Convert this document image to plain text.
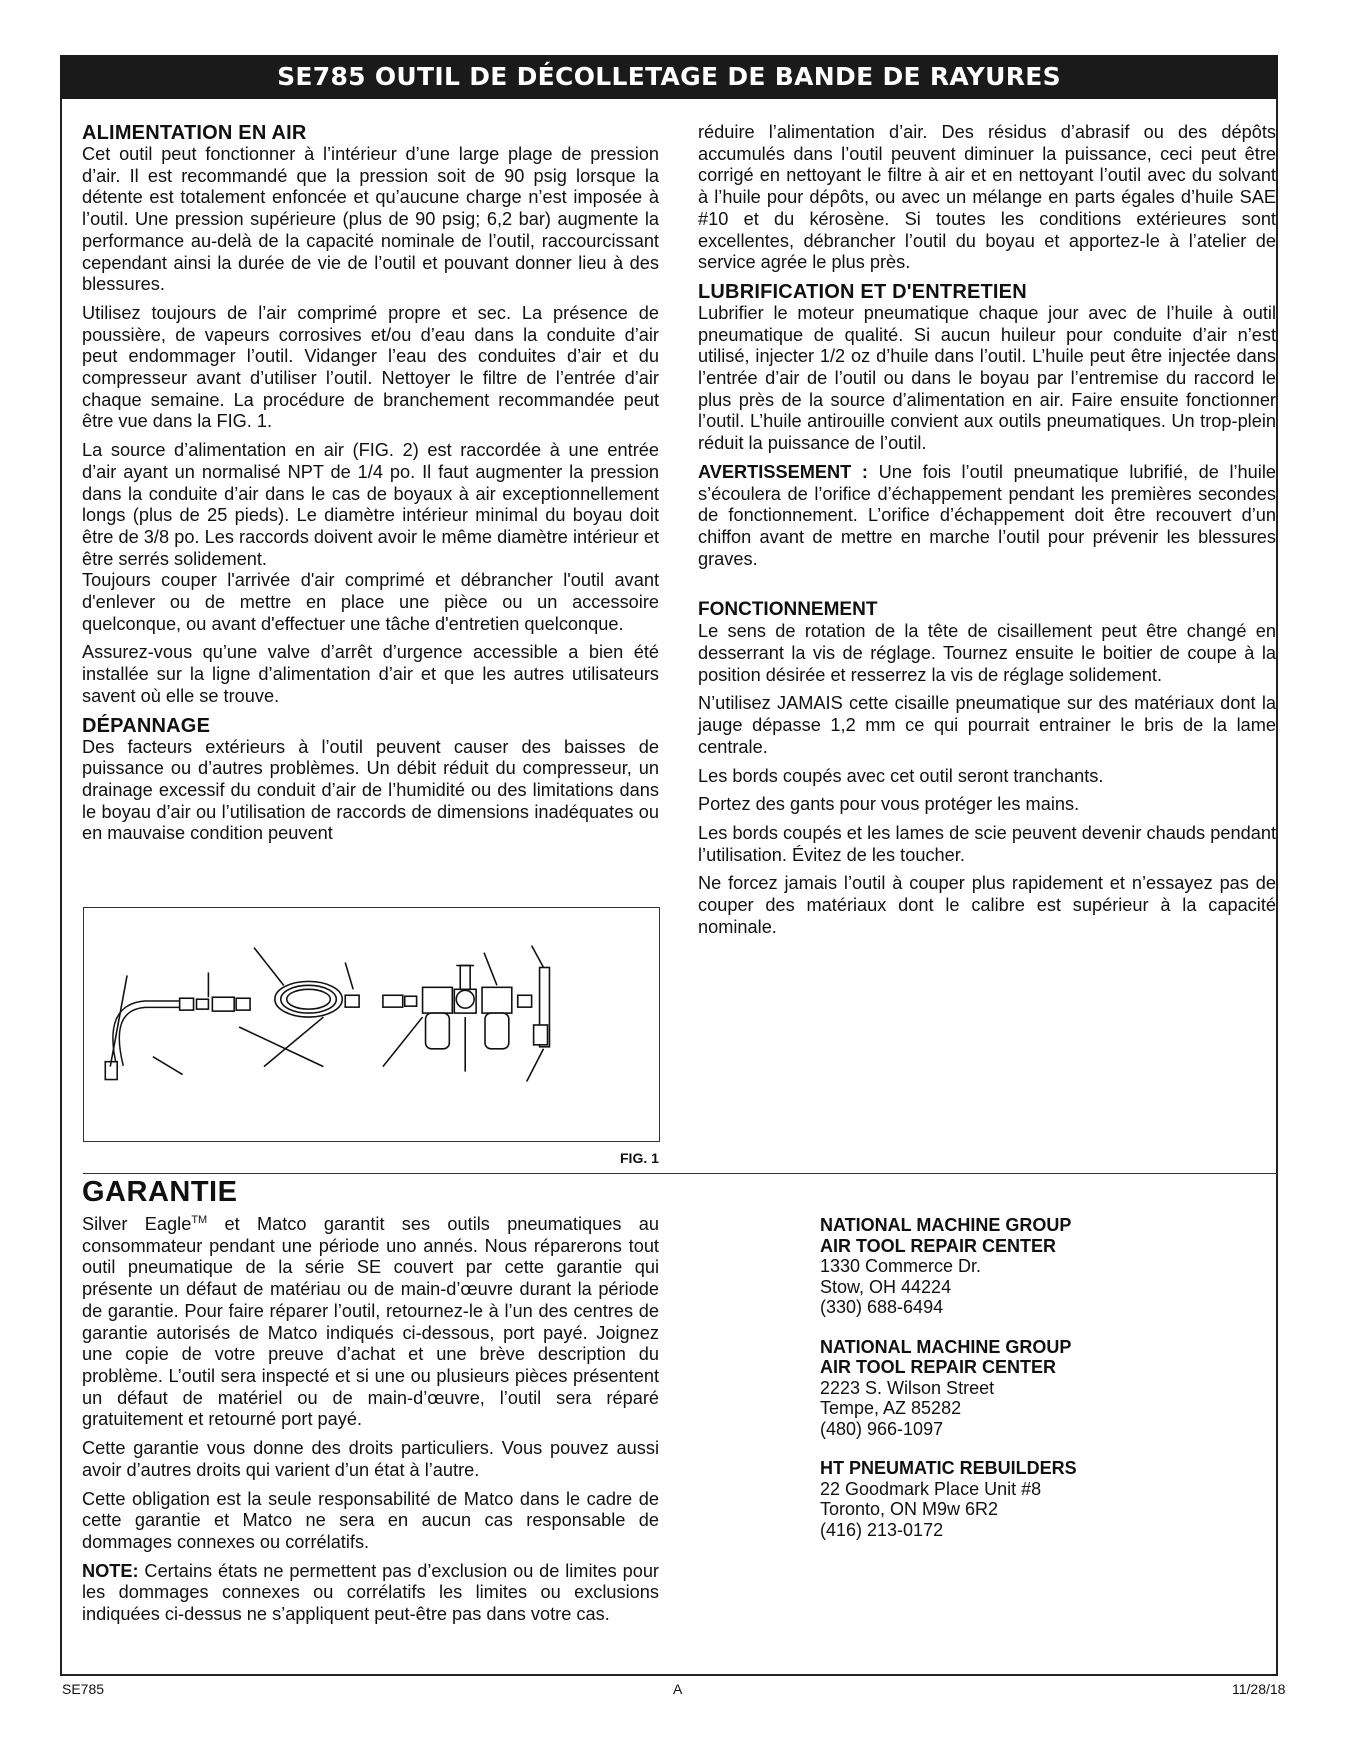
SE785 OUTIL DE DÉCOLLETAGE DE BANDE DE RAYURES
ALIMENTATION EN AIR

Cet outil peut fonctionner à l’intérieur d’une large plage de pression d’air. Il est recommandé que la pression soit de 90 psig lorsque la détente est totalement enfoncée et qu’aucune charge n’est imposée à l’outil. Une pression supérieure (plus de 90 psig; 6,2 bar) augmente la performance au-delà de la capacité nominale de l’outil, raccourcissant cependant ainsi la durée de vie de l’outil et pouvant donner lieu à des blessures.

Utilisez toujours de l’air comprimé propre et sec. La présence de poussière, de vapeurs corrosives et/ou d’eau dans la conduite d’air peut endommager l’outil. Vidanger l’eau des conduites d’air et du compresseur avant d’utiliser l’outil. Nettoyer le filtre de l’entrée d’air chaque semaine. La procédure de branchement recommandée peut être vue dans la FIG. 1.

La source d’alimentation en air (FIG. 2) est raccordée à une entrée d’air ayant un normalisé NPT de 1/4 po. Il faut augmenter la pression dans la conduite d’air dans le cas de boyaux à air exceptionnellement longs (plus de 25 pieds). Le diamètre intérieur minimal du boyau doit être de 3/8 po. Les raccords doivent avoir le même diamètre intérieur et être serrés solidement.

Toujours couper l'arrivée d'air comprimé et débrancher l'outil avant d'enlever ou de mettre en place une pièce ou un accessoire quelconque, ou avant d'effectuer une tâche d'entretien quelconque.

Assurez-vous qu’une valve d’arrêt d’urgence accessible a bien été installée sur la ligne d’alimentation d’air et que les autres utilisateurs savent où elle se trouve.

DÉPANNAGE

Des facteurs extérieurs à l’outil peuvent causer des baisses de puissance ou d’autres problèmes. Un débit réduit du compresseur, un drainage excessif du conduit d’air de l’humidité ou des limitations dans le boyau d’air ou l’utilisation de raccords de dimensions inadéquates ou en mauvaise condition peuvent

FIG. 1

réduire l’alimentation d’air. Des résidus d’abrasif ou des dépôts accumulés dans l’outil peuvent diminuer la puissance, ceci peut être corrigé en nettoyant le filtre à air et en nettoyant l’outil avec du solvant à l’huile pour dépôts, ou avec un mélange en parts égales d’huile SAE #10 et du kérosène. Si toutes les conditions extérieures sont excellentes, débrancher l’outil du boyau et apportez-le à l’atelier de service agrée le plus près.

LUBRIFICATION ET D'ENTRETIEN

Lubrifier le moteur pneumatique chaque jour avec de l’huile à outil pneumatique de qualité. Si aucun huileur pour conduite d’air n’est utilisé, injecter 1/2 oz d’huile dans l’outil. L’huile peut être injectée dans l’entrée d’air de l’outil ou dans le boyau par l’entremise du raccord le plus près de la source d’alimentation en air. Faire ensuite fonctionner l’outil. L’huile antirouille convient aux outils pneumatiques. Un trop-plein réduit la puissance de l’outil.

AVERTISSEMENT : Une fois l’outil pneumatique lubrifié, de l’huile s’écoulera de l’orifice d’échappement pendant les premières secondes de fonctionnement. L’orifice d’échappement doit être recouvert d’un chiffon avant de mettre en marche l’outil pour prévenir les blessures graves.

FONCTIONNEMENT

Le sens de rotation de la tête de cisaillement peut être changé en desserrant la vis de réglage. Tournez ensuite le boitier de coupe à la position désirée et resserrez la vis de réglage solidement.

N’utilisez JAMAIS cette cisaille pneumatique sur des matériaux dont la jauge dépasse 1,2 mm ce qui pourrait entrainer le bris de la lame centrale.

Les bords coupés avec cet outil seront tranchants.

Portez des gants pour vous protéger les mains.

Les bords coupés et les lames de scie peuvent devenir chauds pendant l’utilisation. Évitez de les toucher.

Ne forcez jamais l’outil à couper plus rapidement et n’essayez pas de couper des matériaux dont le calibre est supérieur à la capacité nominale.

GARANTIE

Silver Eagle™ et Matco garantit ses outils pneumatiques au consommateur pendant une période uno annés. Nous réparerons tout outil pneumatique de la série SE couvert par cette garantie qui présente un défaut de matériau ou de main-d’œuvre durant la période de garantie. Pour faire réparer l’outil, retournez-le à l’un des centres de garantie autorisés de Matco indiqués ci-dessous, port payé. Joignez une copie de votre preuve d’achat et une brève description du problème. L’outil sera inspecté et si une ou plusieurs pièces présentent un défaut de matériel ou de main-d’œuvre, l’outil sera réparé gratuitement et retourné port payé.

Cette garantie vous donne des droits particuliers. Vous pouvez aussi avoir d’autres droits qui varient d’un état à l’autre.

Cette obligation est la seule responsabilité de Matco dans le cadre de cette garantie et Matco ne sera en aucun cas responsable de dommages connexes ou corrélatifs.

NOTE: Certains états ne permettent pas d’exclusion ou de limites pour les dommages connexes ou corrélatifs les limites ou exclusions indiquées ci-dessus ne s’appliquent peut-être pas dans votre cas.

NATIONAL MACHINE GROUP
AIR TOOL REPAIR CENTER
1330 Commerce Dr.
Stow, OH 44224
(330) 688-6494
NATIONAL MACHINE GROUP
AIR TOOL REPAIR CENTER
2223 S. Wilson Street
Tempe, AZ 85282
(480) 966-1097
HT PNEUMATIC REBUILDERS
22 Goodmark Place Unit #8
Toronto, ON M9w 6R2
(416) 213-0172
SE785	A	11/28/18
